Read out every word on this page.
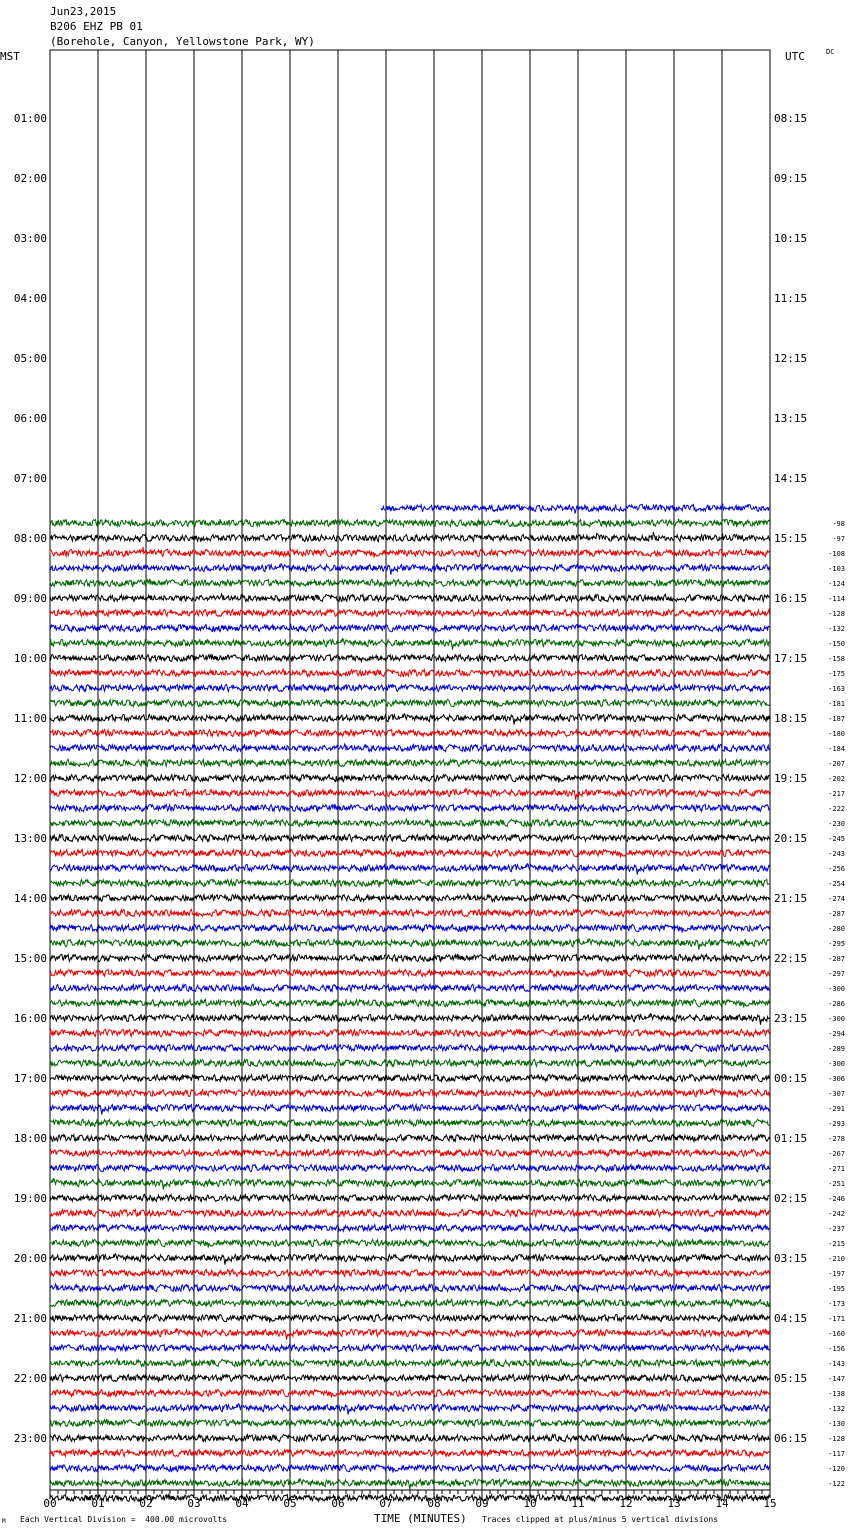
Jun23,2015
B206 EHZ PB 01
(Borehole, Canyon, Yellowstone Park, WY)
MST	UTC	DC
00	01	02	03	04	05	06	07	08	09	10	11	12	13	14	15
01:00
02:00
03:00
04:00
05:00
06:00
07:00
08:00
09:00
10:00
11:00
12:00
13:00
14:00
15:00
16:00
17:00
18:00
19:00
20:00
21:00
22:00
23:00
08:15
09:15
10:15
11:15
12:15
13:15
14:15
15:15
16:15
17:15
18:15
19:15
20:15
21:15
22:15
23:15
00:15
01:15
02:15
03:15
04:15
05:15
06:15
-98
-97
-108
-103
-124
-114
-128
-132
-150
-158
-175
-163
-181
-187
-180
-184
-207
-202
-217
-222
-230
-245
-243
-256
-254
-274
-287
-280
-295
-287
-297
-300
-286
-300
-294
-289
-300
-306
-307
-291
-293
-278
-267
-271
-251
-246
-242
-237
-215
-210
-197
-195
-173
-171
-160
-156
-143
-147
-138
-132
-130
-128
-117
-120
-122
TIME (MINUTES)
Each Vertical Division =  400.00 microvolts	Traces clipped at plus/minus 5 vertical divisions
M
